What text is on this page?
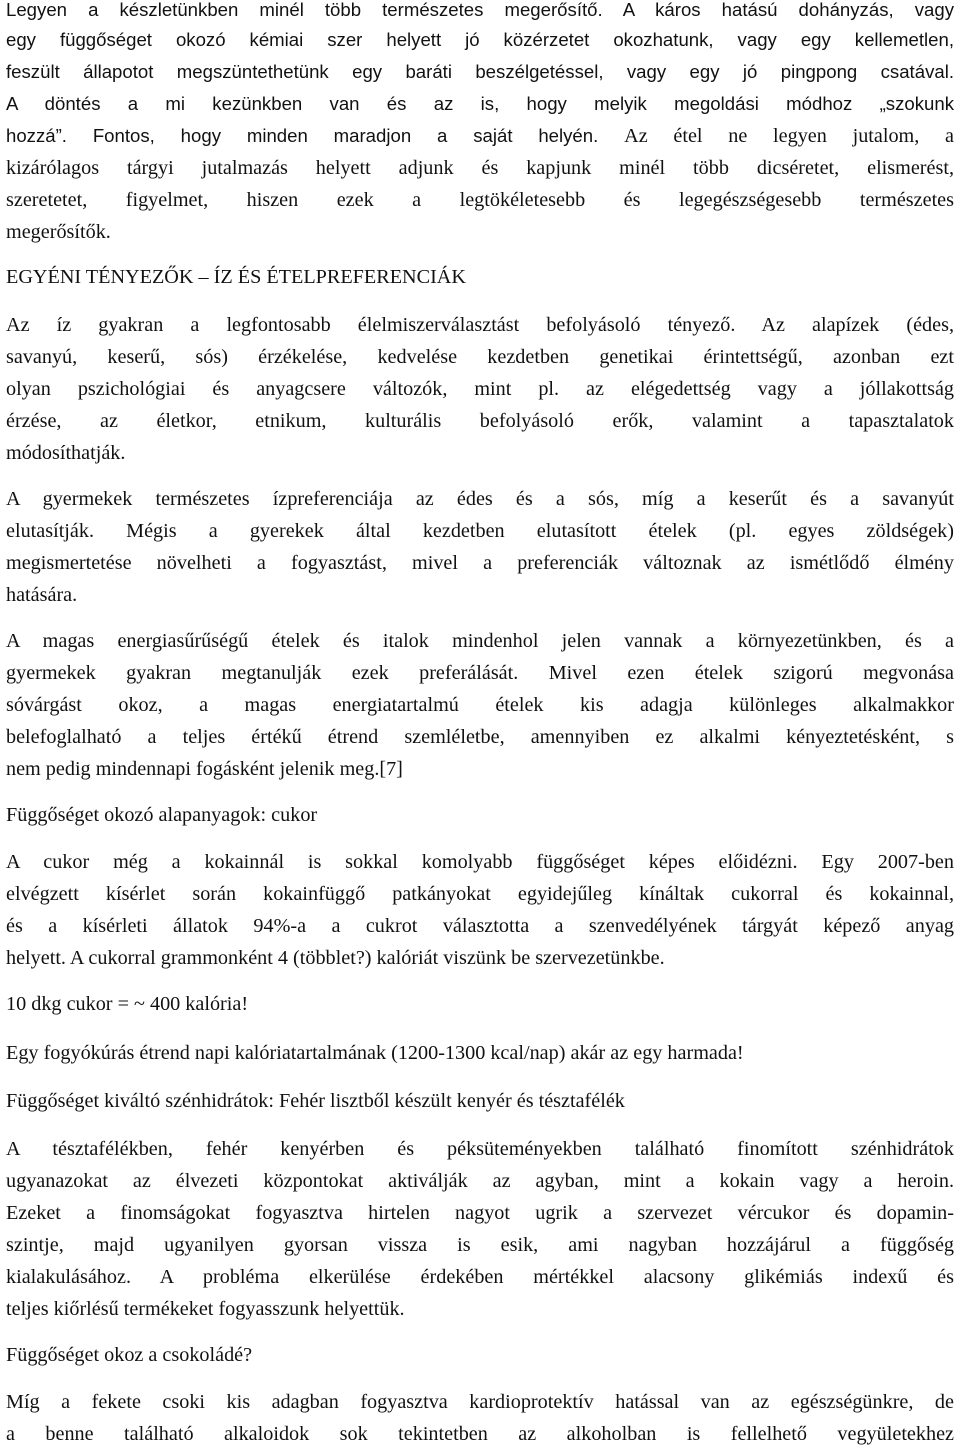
Legyen a készletünkben minél több természetes megerősítő. A káros hatású dohányzás, vagy
egy függőséget okozó kémiai szer helyett jó közérzetet okozhatunk, vagy egy kellemetlen,
feszült állapotot megszüntethetünk egy baráti beszélgetéssel, vagy egy jó pingpong csatával.
A döntés a mi kezünkben van és az is, hogy melyik megoldási módhoz „szokunk
hozzá”. Fontos, hogy minden maradjon a saját helyén. Az étel ne legyen jutalom, a
kizárólagos tárgyi jutalmazás helyett adjunk és kapjunk minél több dicséretet, elismerést,
szeretetet, figyelmet, hiszen ezek a legtökéletesebb és legegészségesebb természetes
megerősítők.
EGYÉNI TÉNYEZŐK – ÍZ ÉS ÉTELPREFERENCIÁK
Az íz gyakran a legfontosabb élelmiszerválasztást befolyásoló tényező. Az alapízek (édes,
savanyú, keserű, sós) érzékelése, kedvelése kezdetben genetikai érintettségű, azonban ezt
olyan pszichológiai és anyagcsere változók, mint pl. az elégedettség vagy a jóllakottság
érzése, az életkor, etnikum, kulturális befolyásoló erők, valamint a tapasztalatok
módosíthatják.
A gyermekek természetes ízpreferenciája az édes és a sós, míg a keserűt és a savanyút
elutasítják. Mégis a gyerekek által kezdetben elutasított ételek (pl. egyes zöldségek)
megismertetése növelheti a fogyasztást, mivel a preferenciák változnak az ismétlődő élmény
hatására.
A magas energiasűrűségű ételek és italok mindenhol jelen vannak a környezetünkben, és a
gyermekek gyakran megtanulják ezek preferálását. Mivel ezen ételek szigorú megvonása
sóvárgást okoz, a magas energiatartalmú ételek kis adagja különleges alkalmakkor
belefoglalható a teljes értékű étrend szemléletbe, amennyiben ez alkalmi kényeztetésként, s
nem pedig mindennapi fogásként jelenik meg.[7]
Függőséget okozó alapanyagok: cukor
A cukor még a kokainnál is sokkal komolyabb függőséget képes előidézni. Egy 2007-ben
elvégzett kísérlet során kokainfüggő patkányokat egyidejűleg kínáltak cukorral és kokainnal,
és a kísérleti állatok 94%-a a cukrot választotta a szenvedélyének tárgyát képező anyag
helyett. A cukorral grammonként 4 (többlet?) kalóriát viszünk be szervezetünkbe.
10 dkg cukor = ~ 400 kalória!
Egy fogyókúrás étrend napi kalóriatartalmának (1200-1300 kcal/nap) akár az egy harmada!
Függőséget kiváltó szénhidrátok: Fehér lisztből készült kenyér és tésztafélék
A tésztafélékben, fehér kenyérben és péksüteményekben található finomított szénhidrátok
ugyanazokat az élvezeti központokat aktiválják az agyban, mint a kokain vagy a heroin.
Ezeket a finomságokat fogyasztva hirtelen nagyot ugrik a szervezet vércukor és dopamin-
szintje, majd ugyanilyen gyorsan vissza is esik, ami nagyban hozzájárul a függőség
kialakulásához. A probléma elkerülése érdekében mértékkel alacsony glikémiás indexű és
teljes kiőrlésű termékeket fogyasszunk helyettük.
Függőséget okoz a csokoládé?
Míg a fekete csoki kis adagban fogyasztva kardioprotektív hatással van az egészségünkre, de
a benne található alkaloidok sok tekintetben az alkoholban is fellelhető vegyületekhez
